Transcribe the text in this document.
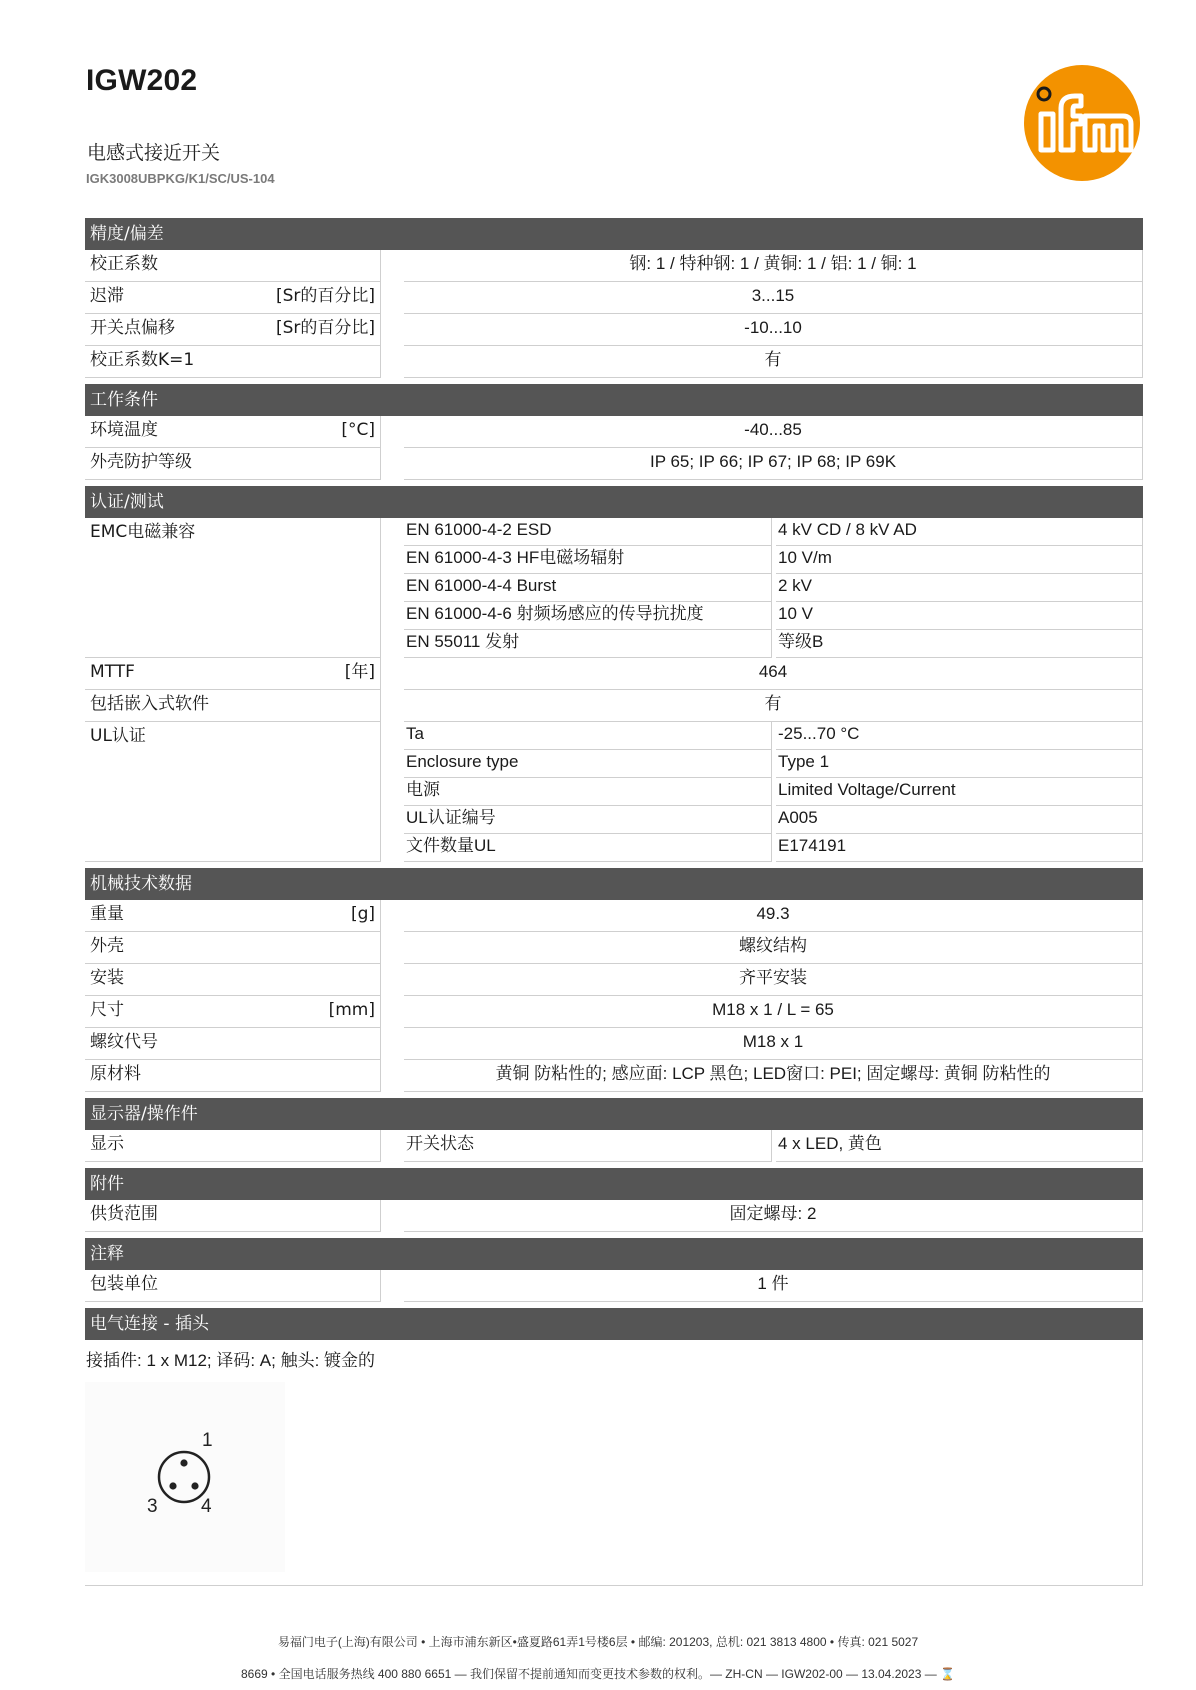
IGW202
电感式接近开关
IGK3008UBPKG/K1/SC/US-104
精度/偏差
校正系数	钢: 1 / 特种钢: 1 / 黄铜: 1 / 铝: 1 / 铜: 1
迟滞	[Sr的百分比]	3...15
开关点偏移	[Sr的百分比]	-10...10
校正系数K=1	有
工作条件
环境温度	[°C]	-40...85
外壳防护等级	IP 65; IP 66; IP 67; IP 68; IP 69K
认证/测试
EMC电磁兼容	EN 61000-4-2 ESD	4 kV CD / 8 kV AD
EN 61000-4-3 HF电磁场辐射	10 V/m
EN 61000-4-4 Burst	2 kV
EN 61000-4-6 射频场感应的传导抗扰度	10 V
EN 55011 发射	等级B
MTTF	[年]	464
包括嵌入式软件	有
UL认证	Ta	-25...70 °C
Enclosure type	Type 1
电源	Limited Voltage/Current
UL认证编号	A005
文件数量UL	E174191
机械技术数据
重量	[g]	49.3
外壳	螺纹结构
安装	齐平安装
尺寸	[mm]	M18 x 1 / L = 65
螺纹代号	M18 x 1
原材料	黄铜 防粘性的; 感应面: LCP 黑色; LED窗口: PEI; 固定螺母: 黄铜 防粘性的
显示器/操作件
显示	开关状态	4 x LED, 黄色
附件
供货范围	固定螺母: 2
注释
包装单位	1 件
电气连接 - 插头
接插件: 1 x M12; 译码: A; 触头: 镀金的
1
3 4
易福门电子(上海)有限公司 • 上海市浦东新区•盛夏路61弄1号楼6层 • 邮编: 201203, 总机: 021 3813 4800 • 传真: 021 5027
8669 • 全国电话服务热线 400 880 6651 — 我们保留不提前通知而变更技术参数的权利。— ZH-CN — IGW202-00 — 13.04.2023 — ⌛
